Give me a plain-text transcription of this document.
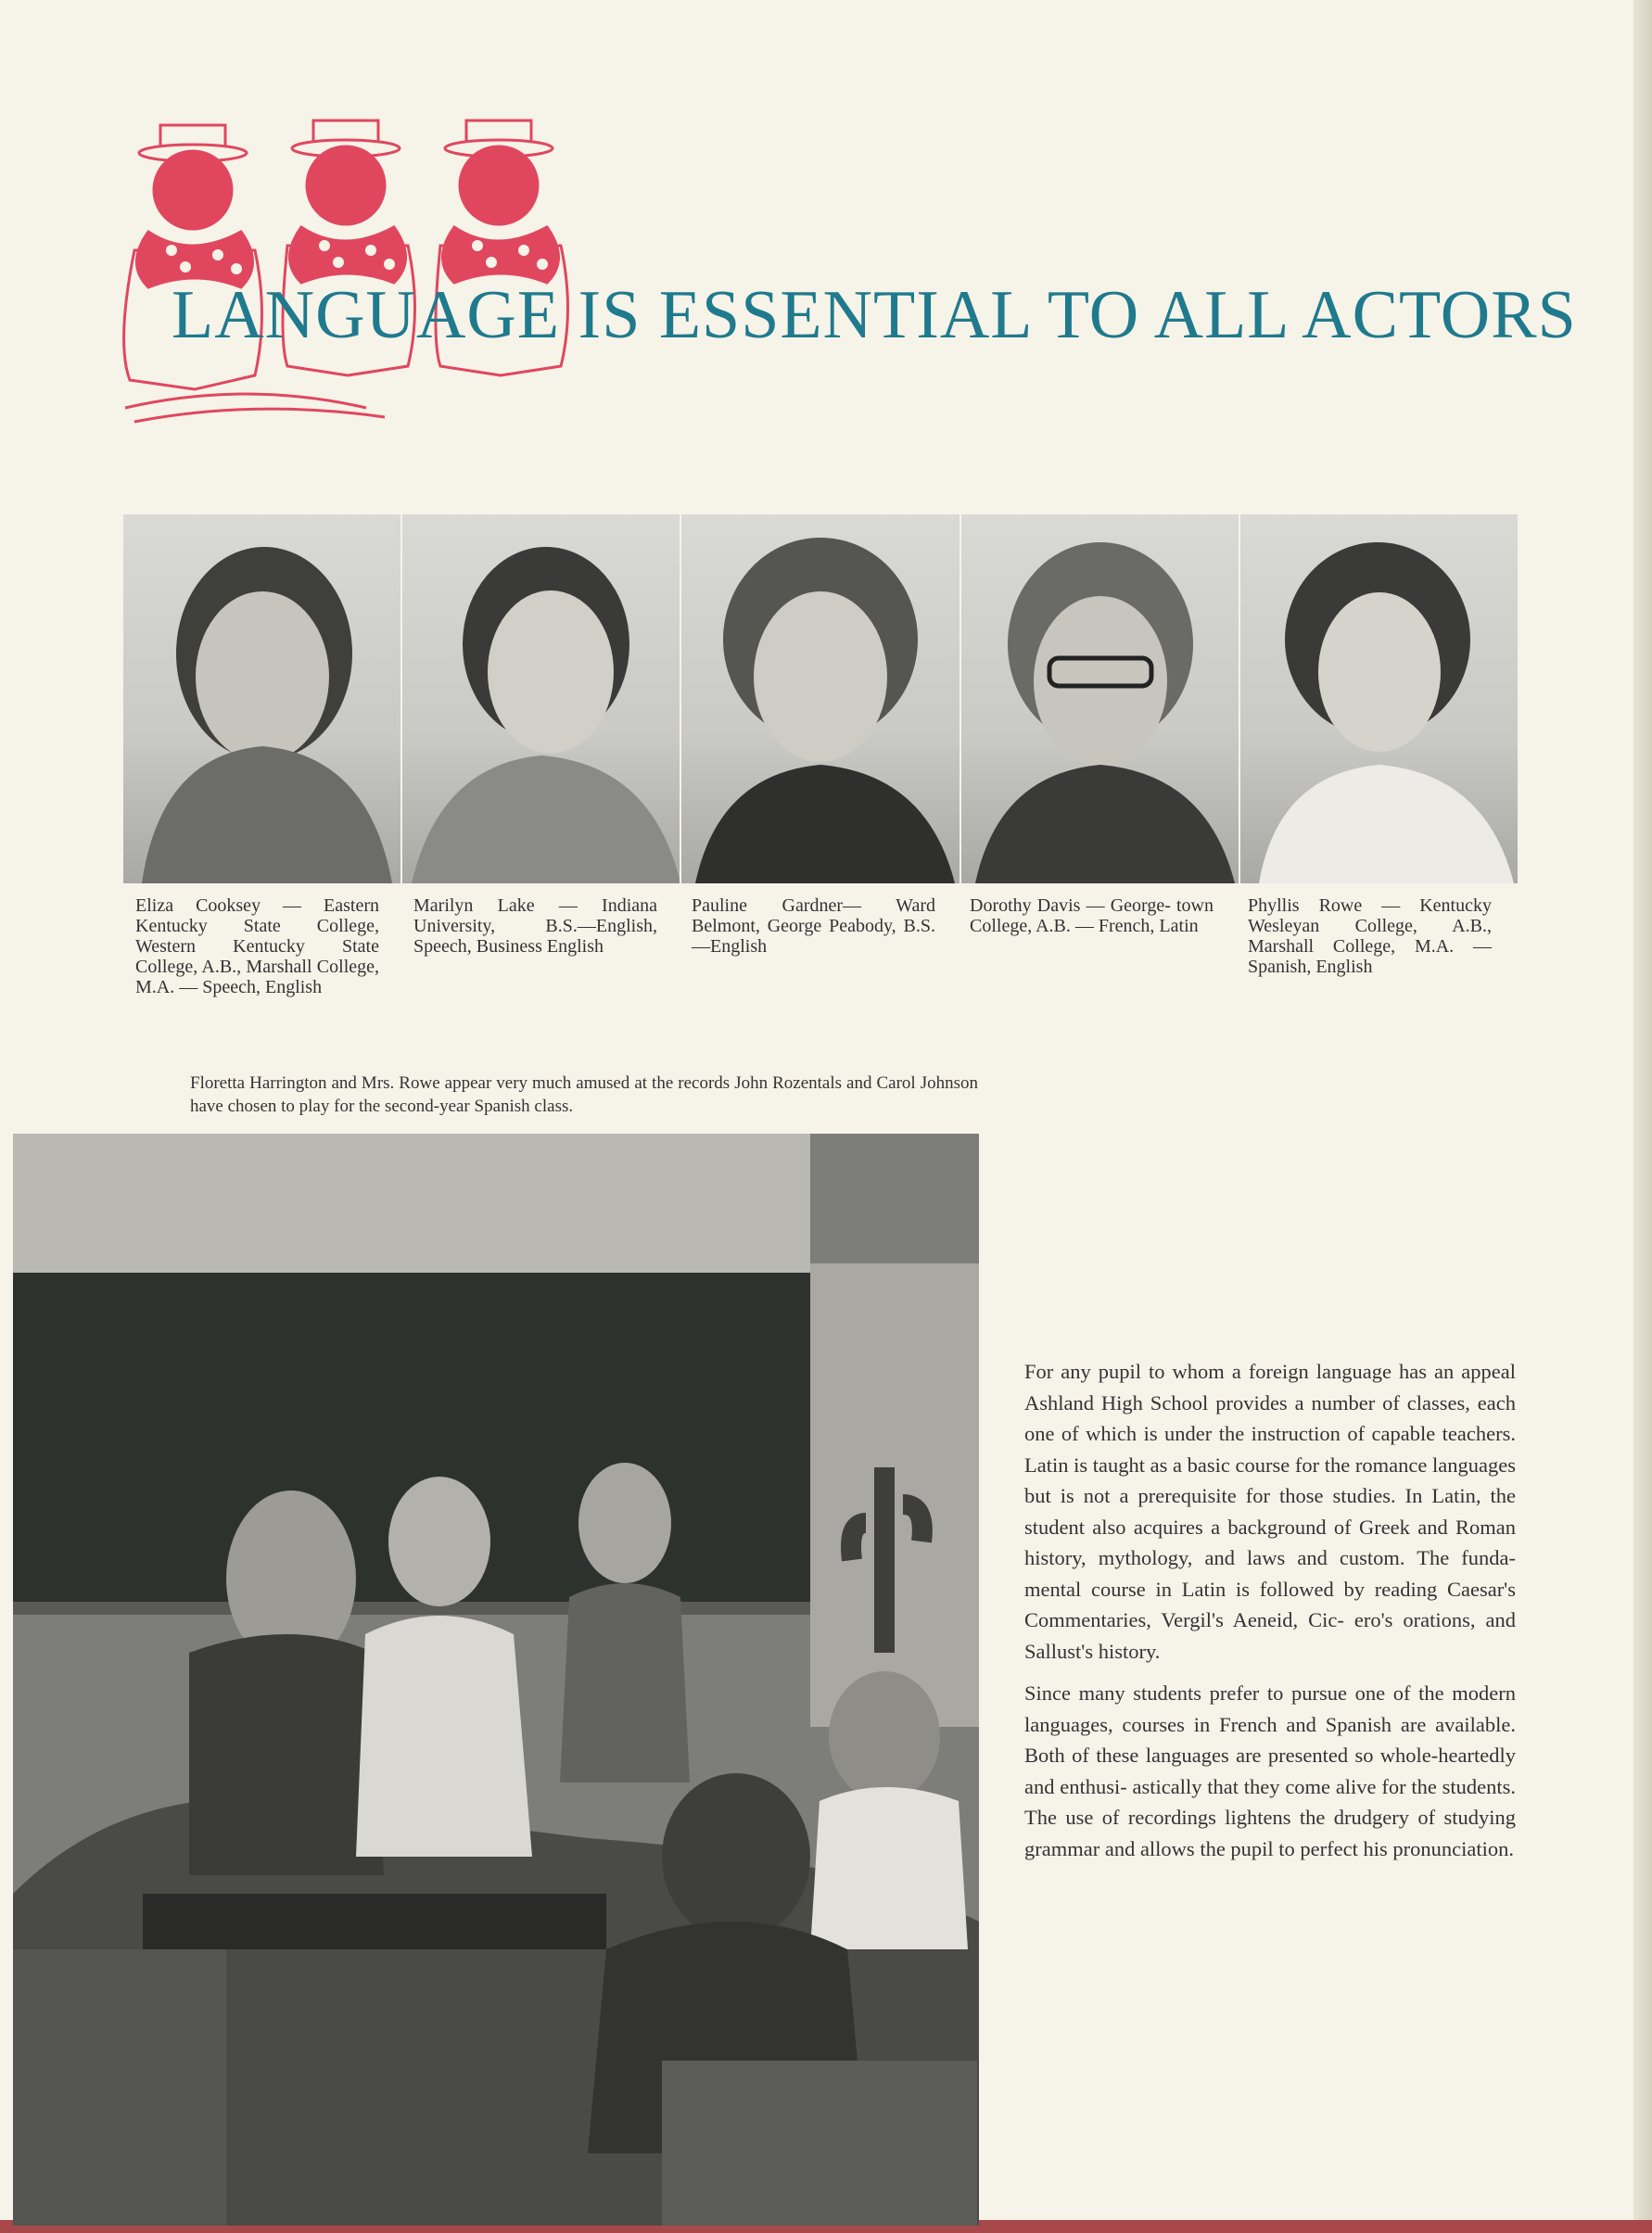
LANGUAGE IS ESSENTIAL TO ALL ACTORS
Eliza Cooksey — Eastern Kentucky State College, Western Kentucky State College, A.B., Marshall College, M.A. — Speech, English
Marilyn Lake — Indiana University, B.S.—English, Speech, Business English
Pauline Gardner— Ward Belmont, George Peabody, B.S.—English
Dorothy Davis — George- town College, A.B. — French, Latin
Phyllis Rowe — Kentucky Wesleyan College, A.B., Marshall College, M.A. — Spanish, English
Floretta Harrington and Mrs. Rowe appear very much amused at the records John Rozentals and Carol Johnson have chosen to play for the second-year Spanish class.

For any pupil to whom a foreign language has an appeal Ashland High School provides a number of classes, each one of which is under the instruction of capable teachers. Latin is taught as a basic course for the romance languages but is not a prerequisite for those studies. In Latin, the student also acquires a background of Greek and Roman history, mythology, and laws and custom. The funda- mental course in Latin is followed by reading Caesar's Commentaries, Vergil's Aeneid, Cic- ero's orations, and Sallust's history.

Since many students prefer to pursue one of the modern languages, courses in French and Spanish are available. Both of these languages are presented so whole-heartedly and enthusi- astically that they come alive for the students. The use of recordings lightens the drudgery of studying grammar and allows the pupil to perfect his pronunciation.
